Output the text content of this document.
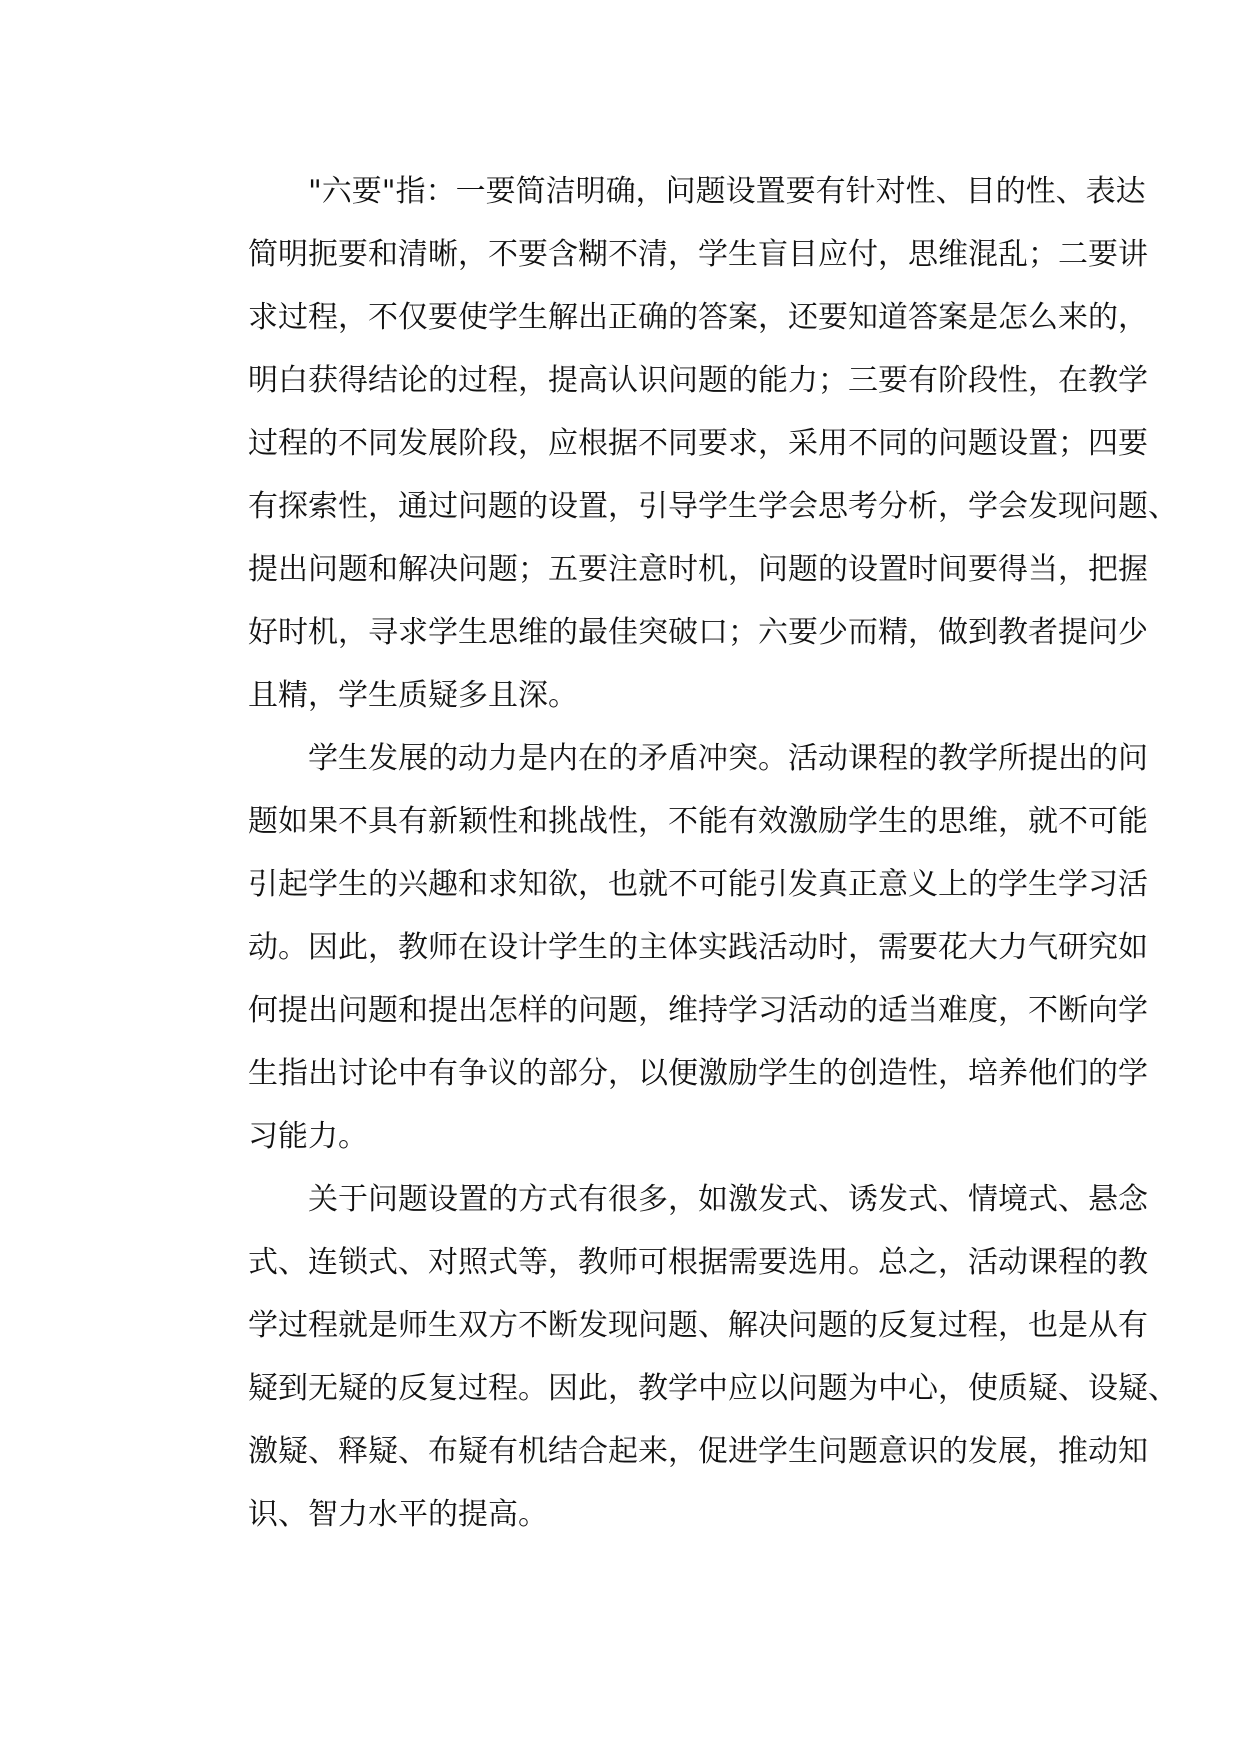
"六要"指：一要简洁明确，问题设置要有针对性、目的性、表达
简明扼要和清晰，不要含糊不清，学生盲目应付，思维混乱；二要讲
求过程，不仅要使学生解出正确的答案，还要知道答案是怎么来的，
明白获得结论的过程，提高认识问题的能力；三要有阶段性，在教学
过程的不同发展阶段，应根据不同要求，采用不同的问题设置；四要
有探索性，通过问题的设置，引导学生学会思考分析，学会发现问题、
提出问题和解决问题；五要注意时机，问题的设置时间要得当，把握
好时机，寻求学生思维的最佳突破口；六要少而精，做到教者提问少
且精，学生质疑多且深。
学生发展的动力是内在的矛盾冲突。活动课程的教学所提出的问
题如果不具有新颖性和挑战性，不能有效激励学生的思维，就不可能
引起学生的兴趣和求知欲，也就不可能引发真正意义上的学生学习活
动。因此，教师在设计学生的主体实践活动时，需要花大力气研究如
何提出问题和提出怎样的问题，维持学习活动的适当难度，不断向学
生指出讨论中有争议的部分，以便激励学生的创造性，培养他们的学
习能力。
关于问题设置的方式有很多，如激发式、诱发式、情境式、悬念
式、连锁式、对照式等，教师可根据需要选用。总之，活动课程的教
学过程就是师生双方不断发现问题、解决问题的反复过程，也是从有
疑到无疑的反复过程。因此，教学中应以问题为中心，使质疑、设疑、
激疑、释疑、布疑有机结合起来，促进学生问题意识的发展，推动知
识、智力水平的提高。
